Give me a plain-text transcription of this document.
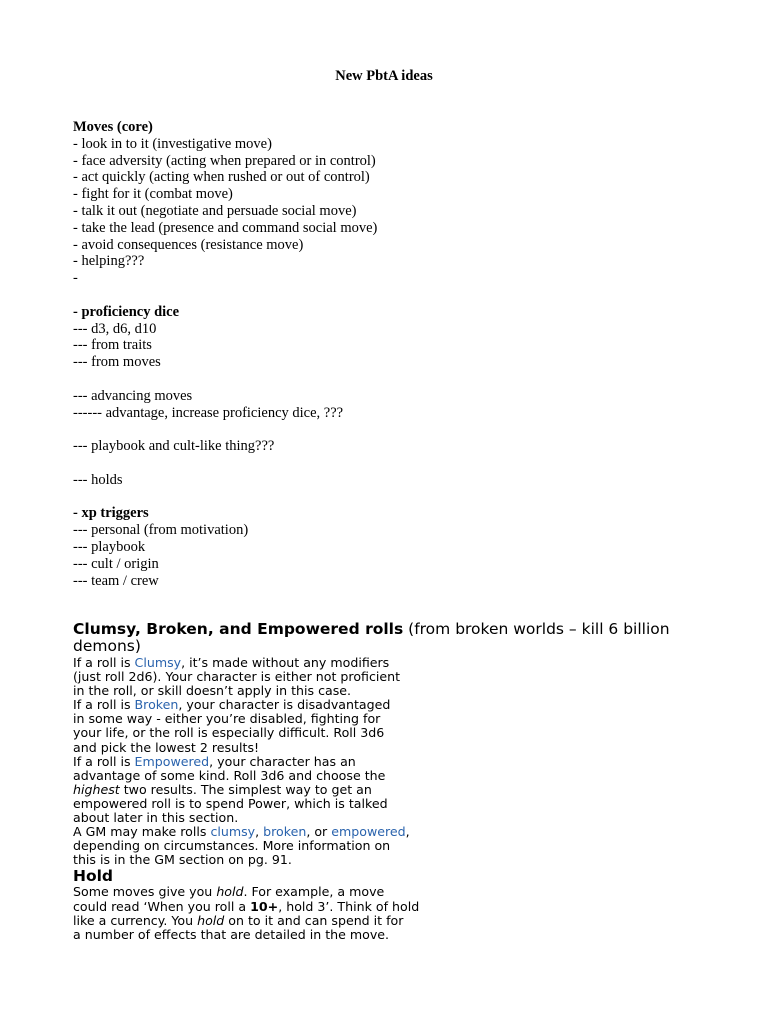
New PbtA ideas
Moves (core)
- look in to it (investigative move)
- face adversity (acting when prepared or in control)
- act quickly (acting when rushed or out of control)
- fight for it (combat move)
- talk it out (negotiate and persuade social move)
- take the lead (presence and command social move)
- avoid consequences (resistance move)
- helping???
-
- proficiency dice
--- d3, d6, d10
--- from traits
--- from moves
--- advancing moves
------ advantage, increase proficiency dice, ???
--- playbook and cult-like thing???
--- holds
- xp triggers
--- personal (from motivation)
--- playbook
--- cult / origin
--- team / crew
Clumsy, Broken, and Empowered rolls (from broken worlds – kill 6 billion
demons)
If a roll is Clumsy, it’s made without any modifiers
(just roll 2d6). Your character is either not proficient
in the roll, or skill doesn’t apply in this case.
If a roll is Broken, your character is disadvantaged
in some way - either you’re disabled, fighting for
your life, or the roll is especially difficult. Roll 3d6
and pick the lowest 2 results!
If a roll is Empowered, your character has an
advantage of some kind. Roll 3d6 and choose the
highest two results. The simplest way to get an
empowered roll is to spend Power, which is talked
about later in this section.
A GM may make rolls clumsy, broken, or empowered,
depending on circumstances. More information on
this is in the GM section on pg. 91.
Hold
Some moves give you hold. For example, a move
could read ‘When you roll a 10+, hold 3’. Think of hold
like a currency. You hold on to it and can spend it for
a number of effects that are detailed in the move.
